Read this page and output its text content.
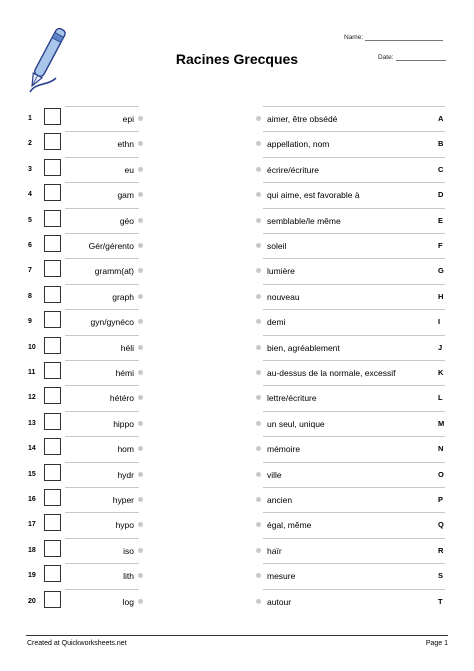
Racines Grecques
Name:
Date:
1	epi	aimer, être obsédé	A
2	ethn	appellation, nom	B
3	eu	écrire/écriture	C
4	gam	qui aime, est favorable à	D
5	géo	semblable/le même	E
6	Gér/gérento	soleil	F
7	gramm(at)	lumière	G
8	graph	nouveau	H
9	gyn/gynéco	demi	I
10	héli	bien, agréablement	J
11	hémi	au-dessus de la normale, excessif	K
12	hétéro	lettre/écriture	L
13	hippo	un seul, unique	M
14	hom	mémoire	N
15	hydr	ville	O
16	hyper	ancien	P
17	hypo	égal, même	Q
18	iso	haïr	R
19	lith	mesure	S
20	log	autour	T
Created at Quickworksheets.net	Page 1
